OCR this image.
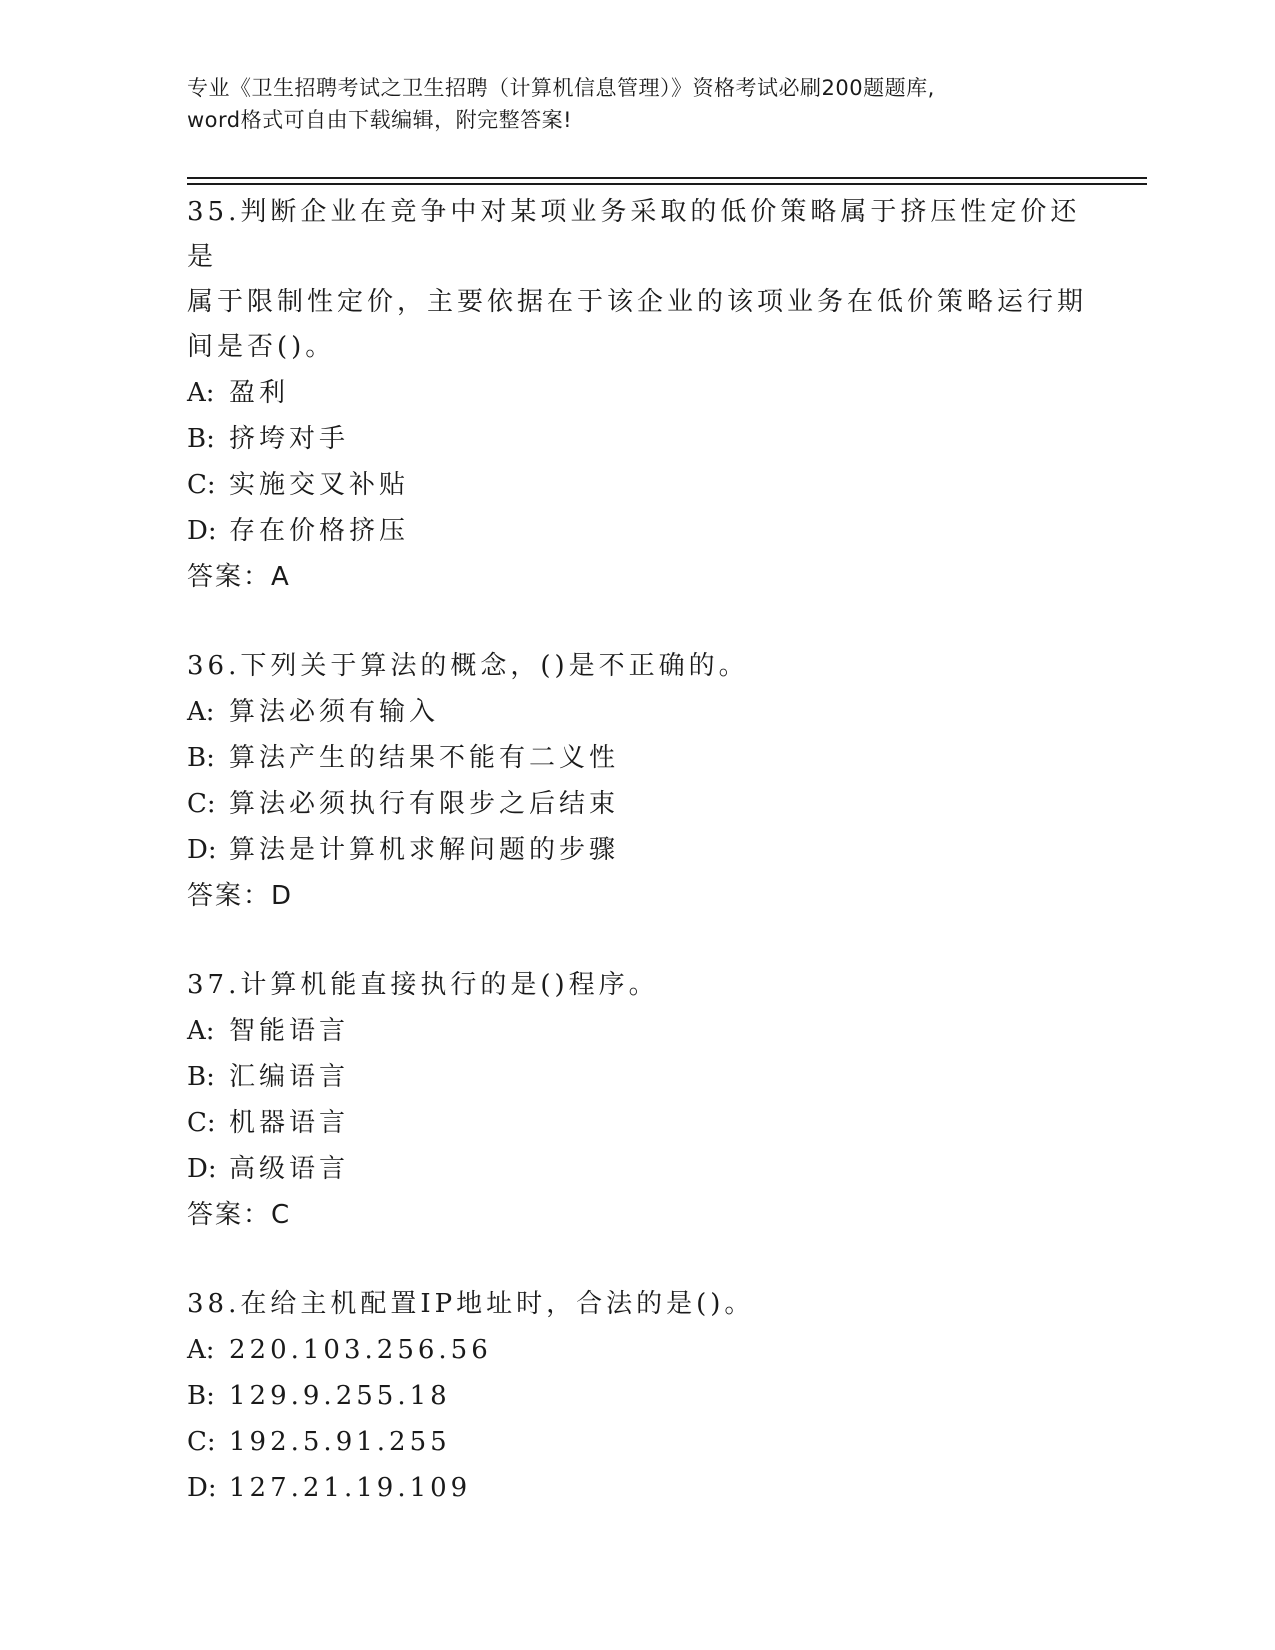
专业《卫生招聘考试之卫生招聘（计算机信息管理）》资格考试必刷200题题库,
word格式可自由下载编辑，附完整答案!
35.判断企业在竞争中对某项业务采取的低价策略属于挤压性定价还是
属于限制性定价，主要依据在于该企业的该项业务在低价策略运行期
间是否()。
A: 盈利
B: 挤垮对手
C: 实施交叉补贴
D: 存在价格挤压
答案：A
36.下列关于算法的概念，()是不正确的。
A: 算法必须有输入
B: 算法产生的结果不能有二义性
C: 算法必须执行有限步之后结束
D: 算法是计算机求解问题的步骤
答案：D
37.计算机能直接执行的是()程序。
A: 智能语言
B: 汇编语言
C: 机器语言
D: 高级语言
答案：C
38.在给主机配置IP地址时，合法的是()。
A: 220.103.256.56
B: 129.9.255.18
C: 192.5.91.255
D: 127.21.19.109
